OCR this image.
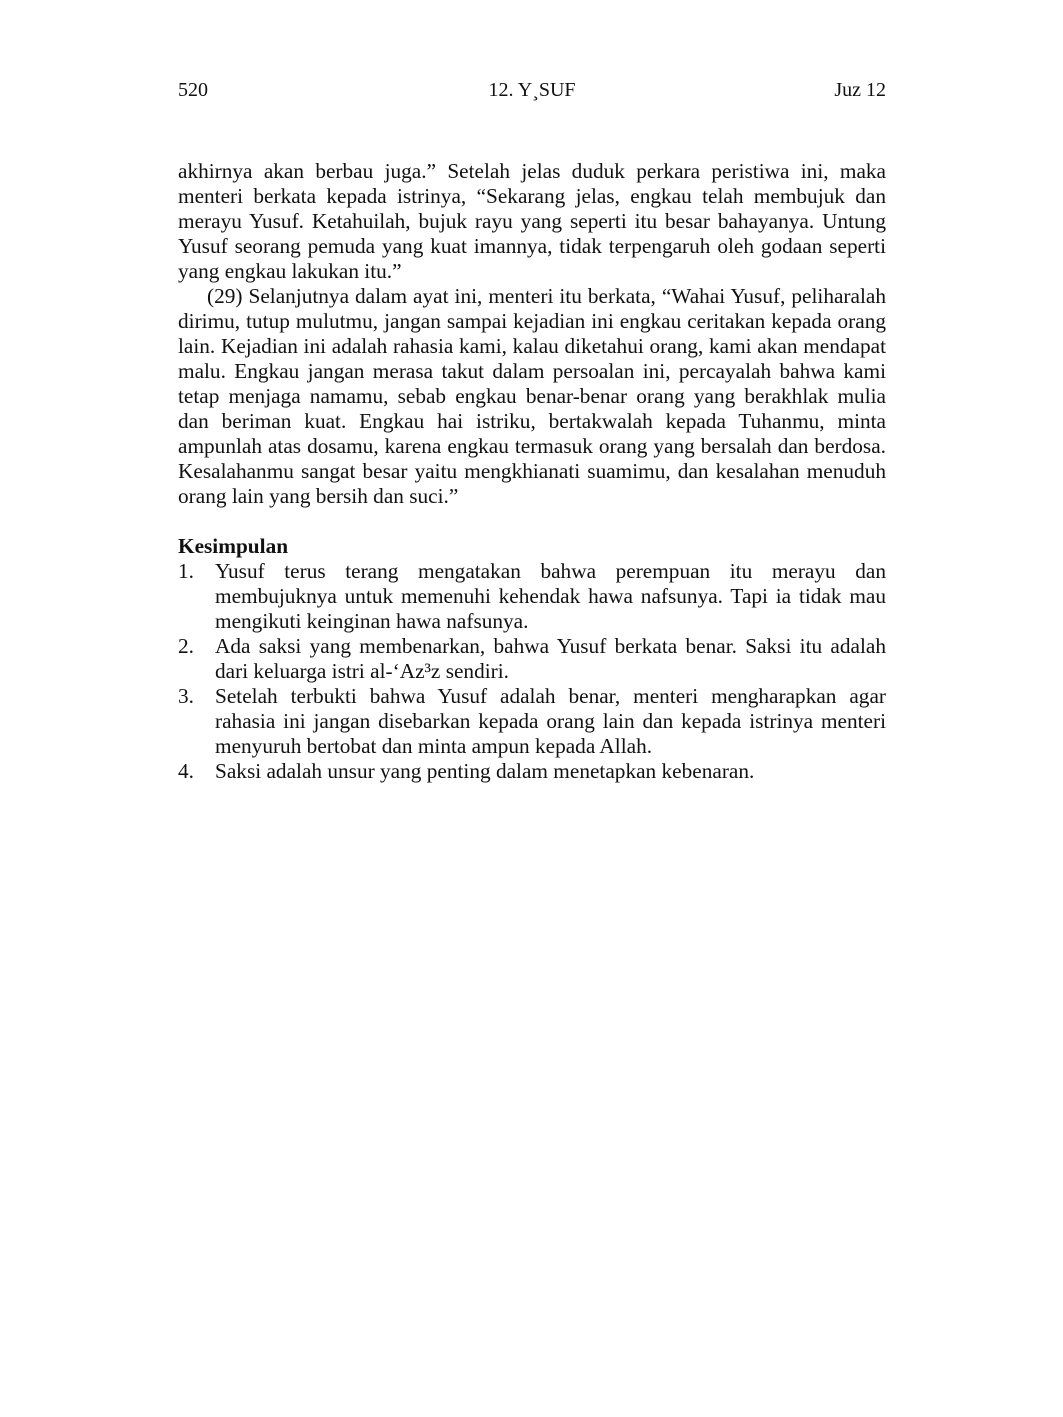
520	12. Y¸SUF	Juz 12

akhirnya akan berbau juga.” Setelah jelas duduk perkara peristiwa ini, maka menteri berkata kepada istrinya, “Sekarang jelas, engkau telah membujuk dan merayu Yusuf. Ketahuilah, bujuk rayu yang seperti itu besar bahayanya. Untung Yusuf seorang pemuda yang kuat imannya, tidak terpengaruh oleh godaan seperti yang engkau lakukan itu.”

(29) Selanjutnya dalam ayat ini, menteri itu berkata, “Wahai Yusuf, peliharalah dirimu, tutup mulutmu, jangan sampai kejadian ini engkau ceritakan kepada orang lain. Kejadian ini adalah rahasia kami, kalau diketahui orang, kami akan mendapat malu. Engkau jangan merasa takut dalam persoalan ini, percayalah bahwa kami tetap menjaga namamu, sebab engkau benar-benar orang yang berakhlak mulia dan beriman kuat. Engkau hai istriku, bertakwalah kepada Tuhanmu, minta ampunlah atas dosamu, karena engkau termasuk orang yang bersalah dan berdosa. Kesalahanmu sangat besar yaitu mengkhianati suamimu, dan kesalahan menuduh orang lain yang bersih dan suci.”

Kesimpulan
1. Yusuf terus terang mengatakan bahwa perempuan itu merayu dan membujuknya untuk memenuhi kehendak hawa nafsunya. Tapi ia tidak mau mengikuti keinginan hawa nafsunya.
2. Ada saksi yang membenarkan, bahwa Yusuf berkata benar. Saksi itu adalah dari keluarga istri al-‘Az³z sendiri.
3. Setelah terbukti bahwa Yusuf adalah benar, menteri mengharapkan agar rahasia ini jangan disebarkan kepada orang lain dan kepada istrinya menteri menyuruh bertobat dan minta ampun kepada Allah.
4. Saksi adalah unsur yang penting dalam menetapkan kebenaran.
